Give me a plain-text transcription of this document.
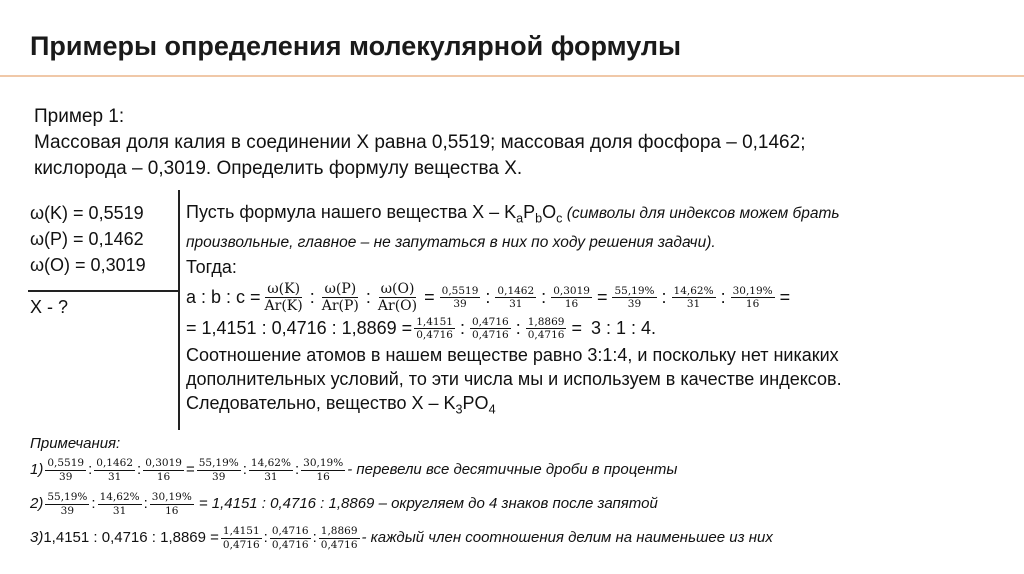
Примеры определения молекулярной формулы
Пример 1:
Массовая доля калия в соединении X равна 0,5519; массовая доля фосфора – 0,1462;
кислорода – 0,3019. Определить формулу вещества X.
ω(K) = 0,5519
ω(P) = 0,1462
ω(O) = 0,3019
X - ?
Пусть формула нашего вещества X – $K_aP_bO_c$ (символы для индексов можем брать
произвольные, главное – не запутаться в них по ходу решения задачи).
Тогда:
a : b : $c = \frac{\omega(K)}{Ar(K)}$ : $\frac{\omega(P)}{Ar(P)}$ : $\frac{\omega(O)}{Ar(O)} = \frac{0,5519}{39}$ : $\frac{0,1462}{31}$ : $\frac{0,3019}{16} = \frac{55,19\%}{39}$ : $\frac{14,62\%}{31}$ : $\frac{30,19\%}{16}$ =
= 1,4151 : 0,4716 : $1,8869 = \frac{1,4151}{0,4716}$ : $\frac{0,4716}{0,4716}$ : $\frac{1,8869}{0,4716} = 3$ : 1 : 4.
Соотношение атомов в нашем веществе равно 3:1:4, и поскольку нет никаких
дополнительных условий, то эти числа мы и используем в качестве индексов.
Следовательно, вещество X – $K_3PO_4$
Примечания:
$1) \frac{0,5519}{39}$ : $\frac{0,1462}{31}$ : $\frac{0,3019}{16} = \frac{55,19\%}{39}$ : $\frac{14,62\%}{31}$ : $\frac{30,19\%}{16}$ - перевели все десятичные дроби в проценты
$2) \frac{55,19\%}{39}$ : $\frac{14,62\%}{31}$ : $\frac{30,19\%}{16} = 1,4151$ : 0,4716 : 1,8869 – округляем до 4 знаков после запятой
3) 1,4151 : 0,4716 : $1,8869 = \frac{1,4151}{0,4716}$ : $\frac{0,4716}{0,4716}$ : $\frac{1,8869}{0,4716}$ - каждый член соотношения делим на наименьшее из них
